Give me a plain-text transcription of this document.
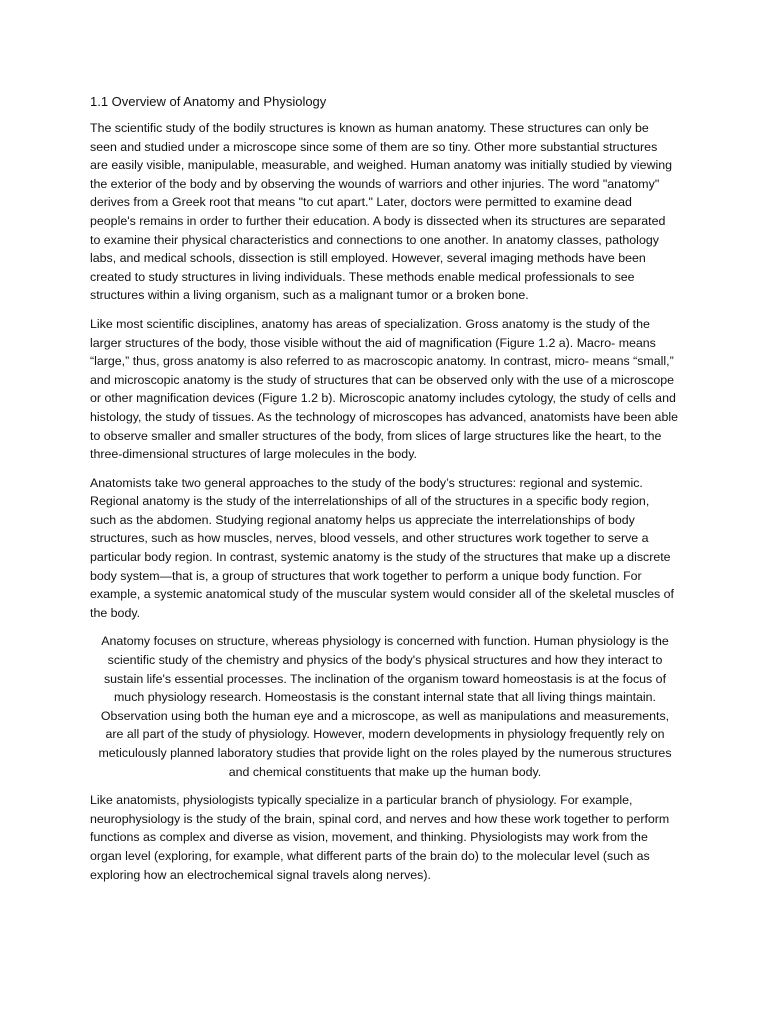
1.1 Overview of Anatomy and Physiology

The scientific study of the bodily structures is known as human anatomy. These structures can only be seen and studied under a microscope since some of them are so tiny. Other more substantial structures are easily visible, manipulable, measurable, and weighed. Human anatomy was initially studied by viewing the exterior of the body and by observing the wounds of warriors and other injuries. The word "anatomy" derives from a Greek root that means "to cut apart." Later, doctors were permitted to examine dead people's remains in order to further their education. A body is dissected when its structures are separated to examine their physical characteristics and connections to one another. In anatomy classes, pathology labs, and medical schools, dissection is still employed. However, several imaging methods have been created to study structures in living individuals. These methods enable medical professionals to see structures within a living organism, such as a malignant tumor or a broken bone.

Like most scientific disciplines, anatomy has areas of specialization. Gross anatomy is the study of the larger structures of the body, those visible without the aid of magnification (Figure 1.2 a). Macro- means “large,” thus, gross anatomy is also referred to as macroscopic anatomy. In contrast, micro- means “small,” and microscopic anatomy is the study of structures that can be observed only with the use of a microscope or other magnification devices (Figure 1.2 b). Microscopic anatomy includes cytology, the study of cells and histology, the study of tissues. As the technology of microscopes has advanced, anatomists have been able to observe smaller and smaller structures of the body, from slices of large structures like the heart, to the three-dimensional structures of large molecules in the body.

Anatomists take two general approaches to the study of the body’s structures: regional and systemic. Regional anatomy is the study of the interrelationships of all of the structures in a specific body region, such as the abdomen. Studying regional anatomy helps us appreciate the interrelationships of body structures, such as how muscles, nerves, blood vessels, and other structures work together to serve a particular body region. In contrast, systemic anatomy is the study of the structures that make up a discrete body system—that is, a group of structures that work together to perform a unique body function. For example, a systemic anatomical study of the muscular system would consider all of the skeletal muscles of the body.

Anatomy focuses on structure, whereas physiology is concerned with function. Human physiology is the scientific study of the chemistry and physics of the body's physical structures and how they interact to sustain life's essential processes. The inclination of the organism toward homeostasis is at the focus of much physiology research. Homeostasis is the constant internal state that all living things maintain. Observation using both the human eye and a microscope, as well as manipulations and measurements, are all part of the study of physiology. However, modern developments in physiology frequently rely on meticulously planned laboratory studies that provide light on the roles played by the numerous structures and chemical constituents that make up the human body.

Like anatomists, physiologists typically specialize in a particular branch of physiology. For example, neurophysiology is the study of the brain, spinal cord, and nerves and how these work together to perform functions as complex and diverse as vision, movement, and thinking. Physiologists may work from the organ level (exploring, for example, what different parts of the brain do) to the molecular level (such as exploring how an electrochemical signal travels along nerves).
